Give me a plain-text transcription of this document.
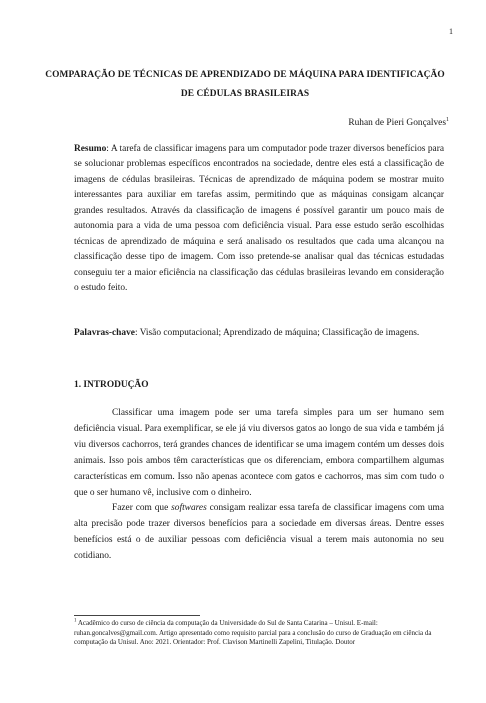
1
COMPARAÇÃO DE TÉCNICAS DE APRENDIZADO DE MÁQUINA PARA IDENTIFICAÇÃO DE CÉDULAS BRASILEIRAS
Ruhan de Pieri Gonçalves$^1$
Resumo: A tarefa de classificar imagens para um computador pode trazer diversos benefícios para se solucionar problemas específicos encontrados na sociedade, dentre eles está a classificação de imagens de cédulas brasileiras. Técnicas de aprendizado de máquina podem se mostrar muito interessantes para auxiliar em tarefas assim, permitindo que as máquinas consigam alcançar grandes resultados. Através da classificação de imagens é possível garantir um pouco mais de autonomia para a vida de uma pessoa com deficiência visual. Para esse estudo serão escolhidas técnicas de aprendizado de máquina e será analisado os resultados que cada uma alcançou na classificação desse tipo de imagem. Com isso pretende-se analisar qual das técnicas estudadas conseguiu ter a maior eficiência na classificação das cédulas brasileiras levando em consideração o estudo feito.
Palavras-chave: Visão computacional; Aprendizado de máquina; Classificação de imagens.
1. INTRODUÇÃO

Classificar uma imagem pode ser uma tarefa simples para um ser humano sem deficiência visual. Para exemplificar, se ele já viu diversos gatos ao longo de sua vida e também já viu diversos cachorros, terá grandes chances de identificar se uma imagem contém um desses dois animais. Isso pois ambos têm características que os diferenciam, embora compartilhem algumas características em comum. Isso não apenas acontece com gatos e cachorros, mas sim com tudo o que o ser humano vê, inclusive com o dinheiro.

Fazer com que softwares consigam realizar essa tarefa de classificar imagens com uma alta precisão pode trazer diversos benefícios para a sociedade em diversas áreas. Dentre esses benefícios está o de auxiliar pessoas com deficiência visual a terem mais autonomia no seu cotidiano.

$^1$ Acadêmico do curso de ciência da computação da Universidade do Sul de Santa Catarina – Unisul. E-mail: ruhan.goncalves@gmail.com. Artigo apresentado como requisito parcial para a conclusão do curso de Graduação em ciência da computação da Unisul. Ano: 2021. Orientador: Prof. Clavison Martinelli Zapelini, Titulação. Doutor
